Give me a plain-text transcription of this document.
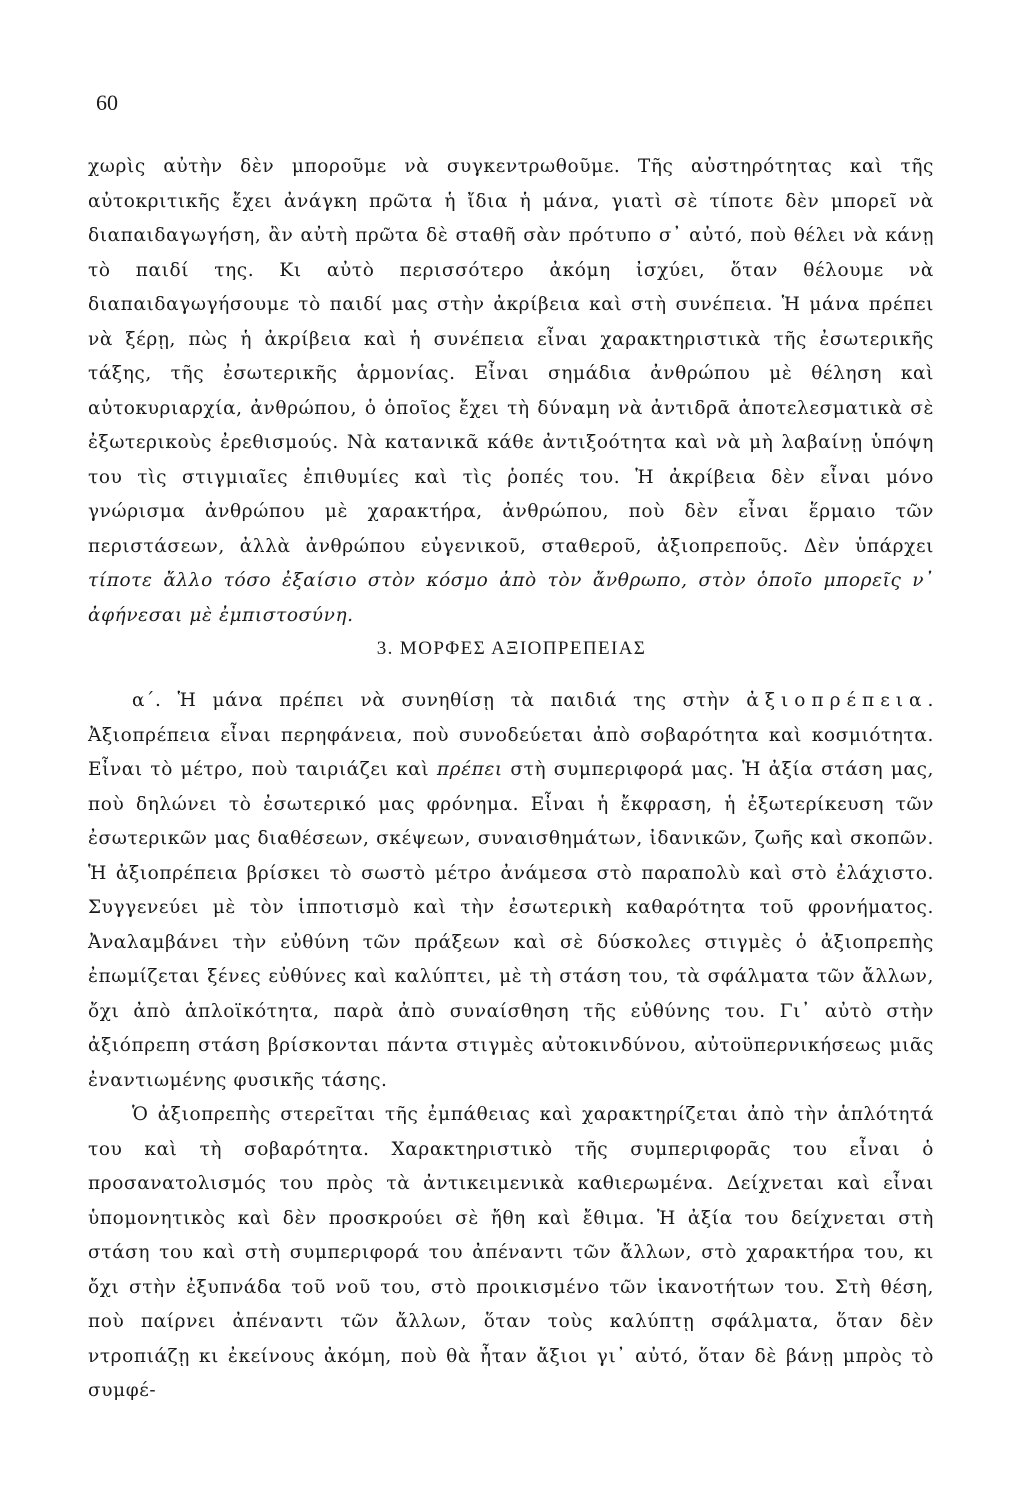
60

χωρὶς αὐτὴν δὲν μποροῦμε νὰ συγκεντρωθοῦμε. Τῆς αὐστηρότητας καὶ τῆς αὐτοκριτικῆς ἔχει ἀνάγκη πρῶτα ἡ ἴδια ἡ μάνα, γιατὶ σὲ τίποτε δὲν μπορεῖ νὰ διαπαιδαγωγήση, ἂν αὐτὴ πρῶτα δὲ σταθῆ σὰν πρότυπο σ᾽ αὐτό, ποὺ θέλει νὰ κάνῃ τὸ παιδί της. Κι αὐτὸ περισσότερο ἀκόμη ἰσχύει, ὅταν θέλουμε νὰ διαπαιδαγωγήσουμε τὸ παιδί μας στὴν ἀκρίβεια καὶ στὴ συνέπεια. Ἡ μάνα πρέπει νὰ ξέρῃ, πὼς ἡ ἀκρίβεια καὶ ἡ συνέπεια εἶναι χαρακτηριστικὰ τῆς ἐσωτερικῆς τάξης, τῆς ἐσωτερικῆς ἁρμονίας. Εἶναι σημάδια ἀνθρώπου μὲ θέληση καὶ αὐτοκυριαρχία, ἀνθρώπου, ὁ ὁποῖος ἔχει τὴ δύναμη νὰ ἀντιδρᾶ ἀποτελεσματικὰ σὲ ἐξωτερικοὺς ἐρεθισμούς. Νὰ κατανικᾶ κάθε ἀντιξοότητα καὶ νὰ μὴ λαβαίνῃ ὑπόψη του τὶς στιγμιαῖες ἐπιθυμίες καὶ τὶς ῥοπές του. Ἡ ἀκρίβεια δὲν εἶναι μόνο γνώρισμα ἀνθρώπου μὲ χαρακτήρα, ἀνθρώπου, ποὺ δὲν εἶναι ἕρμαιο τῶν περιστάσεων, ἀλλὰ ἀνθρώπου εὐγενικοῦ, σταθεροῦ, ἀξιοπρεποῦς. Δὲν ὑπάρχει τίποτε ἄλλο τόσο ἐξαίσιο στὸν κόσμο ἀπὸ τὸν ἄνθρωπο, στὸν ὁποῖο μπορεῖς ν᾽ ἀφήνεσαι μὲ ἐμπιστοσύνη.

3. ΜΟΡΦΕΣ ΑΞΙΟΠΡΕΠΕΙΑΣ

α΄. Ἡ μάνα πρέπει νὰ συνηθίσῃ τὰ παιδιά της στὴν ἀξιοπρέπεια. Ἀξιοπρέπεια εἶναι περηφάνεια, ποὺ συνοδεύεται ἀπὸ σοβαρότητα καὶ κοσμιότητα. Εἶναι τὸ μέτρο, ποὺ ταιριάζει καὶ πρέπει στὴ συμπεριφορά μας. Ἡ ἀξία στάση μας, ποὺ δηλώνει τὸ ἐσωτερικό μας φρόνημα. Εἶναι ἡ ἔκφραση, ἡ ἐξωτερίκευση τῶν ἐσωτερικῶν μας διαθέσεων, σκέψεων, συναισθημάτων, ἰδανικῶν, ζωῆς καὶ σκοπῶν. Ἡ ἀξιοπρέπεια βρίσκει τὸ σωστὸ μέτρο ἀνάμεσα στὸ παραπολὺ καὶ στὸ ἐλάχιστο. Συγγενεύει μὲ τὸν ἱπποτισμὸ καὶ τὴν ἐσωτερικὴ καθαρότητα τοῦ φρονήματος. Ἀναλαμβάνει τὴν εὐθύνη τῶν πράξεων καὶ σὲ δύσκολες στιγμὲς ὁ ἀξιοπρεπὴς ἐπωμίζεται ξένες εὐθύνες καὶ καλύπτει, μὲ τὴ στάση του, τὰ σφάλματα τῶν ἄλλων, ὄχι ἀπὸ ἁπλοϊκότητα, παρὰ ἀπὸ συναίσθηση τῆς εὐθύνης του. Γι᾽ αὐτὸ στὴν ἀξιόπρεπη στάση βρίσκονται πάντα στιγμὲς αὐτοκινδύνου, αὐτοϋπερνικήσεως μιᾶς ἐναντιωμένης φυσικῆς τάσης.

Ὁ ἀξιοπρεπὴς στερεῖται τῆς ἐμπάθειας καὶ χαρακτηρίζεται ἀπὸ τὴν ἁπλότητά του καὶ τὴ σοβαρότητα. Χαρακτηριστικὸ τῆς συμπεριφορᾶς του εἶναι ὁ προσανατολισμός του πρὸς τὰ ἀντικειμενικὰ καθιερωμένα. Δείχνεται καὶ εἶναι ὑπομονητικὸς καὶ δὲν προσκρούει σὲ ἤθη καὶ ἔθιμα. Ἡ ἀξία του δείχνεται στὴ στάση του καὶ στὴ συμπεριφορά του ἀπέναντι τῶν ἄλλων, στὸ χαρακτήρα του, κι ὄχι στὴν ἐξυπνάδα τοῦ νοῦ του, στὸ προικισμένο τῶν ἱκανοτήτων του. Στὴ θέση, ποὺ παίρνει ἀπέναντι τῶν ἄλλων, ὅταν τοὺς καλύπτῃ σφάλματα, ὅταν δὲν ντροπιάζῃ κι ἐκείνους ἀκόμη, ποὺ θὰ ἦταν ἄξιοι γι᾽ αὐτό, ὅταν δὲ βάνῃ μπρὸς τὸ συμφέ-
